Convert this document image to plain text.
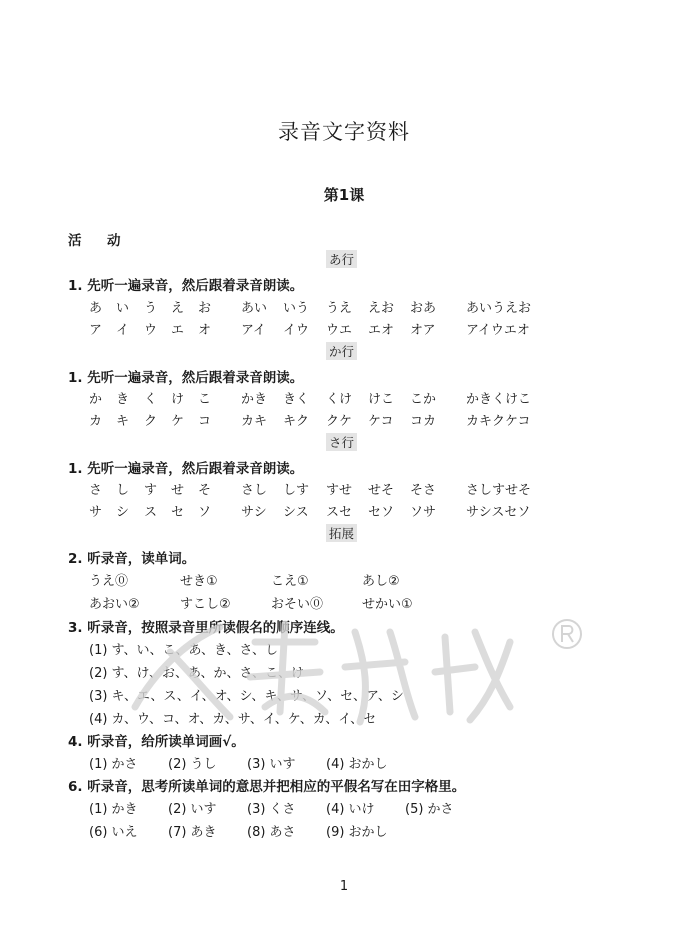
录音文字资料
第1课
活　动
あ行
1. 先听一遍录音，然后跟着录音朗读。
あ い う え お あい いう うえ えお おあ あいうえお
ア イ ウ エ オ アイ イウ ウエ エオ オア アイウエオ
か行
1. 先听一遍录音，然后跟着录音朗读。
か き く け こ かき きく くけ けこ こか かきくけこ
カ キ ク ケ コ カキ キク クケ ケコ コカ カキクケコ
さ行
1. 先听一遍录音，然后跟着录音朗读。
さ し す せ そ さし しす すせ せそ そさ さしすせそ
サ シ ス セ ソ サシ シス スセ セソ ソサ サシスセソ
拓展
2. 听录音，读单词。
うえ⓪	せき①	こえ①	あし②
あおい②	すこし②	おそい⓪	せかい①
3. 听录音，按照录音里所读假名的顺序连线。
(1) す、い、こ、あ、き、さ、し
(2) す、け、お、あ、か、さ、こ、け
(3) キ、エ、ス、イ、オ、シ、キ、サ、ソ、セ、ア、シ
(4) カ、ウ、コ、オ、カ、サ、イ、ケ、カ、イ、セ
4. 听录音，给所读单词画√。
(1) かさ (2) うし (3) いす (4) おかし
6. 听录音，思考所读单词的意思并把相应的平假名写在田字格里。
(1) かき (2) いす (3) くさ (4) いけ (5) かさ
(6) いえ (7) あき (8) あさ (9) おかし
1
